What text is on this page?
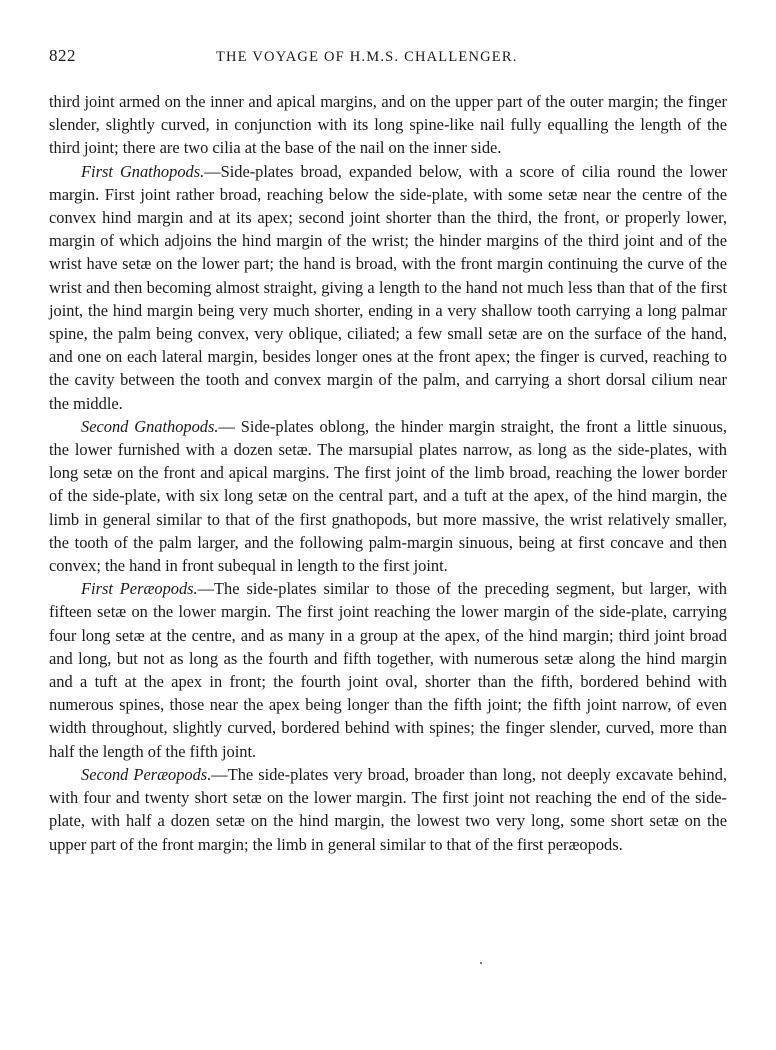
822	THE VOYAGE OF H.M.S. CHALLENGER.

third joint armed on the inner and apical margins, and on the upper part of the outer margin; the finger slender, slightly curved, in conjunction with its long spine-like nail fully equalling the length of the third joint; there are two cilia at the base of the nail on the inner side.

First Gnathopods.—Side-plates broad, expanded below, with a score of cilia round the lower margin. First joint rather broad, reaching below the side-plate, with some setæ near the centre of the convex hind margin and at its apex; second joint shorter than the third, the front, or properly lower, margin of which adjoins the hind margin of the wrist; the hinder margins of the third joint and of the wrist have setæ on the lower part; the hand is broad, with the front margin continuing the curve of the wrist and then becoming almost straight, giving a length to the hand not much less than that of the first joint, the hind margin being very much shorter, ending in a very shallow tooth carrying a long palmar spine, the palm being convex, very oblique, ciliated; a few small setæ are on the surface of the hand, and one on each lateral margin, besides longer ones at the front apex; the finger is curved, reaching to the cavity between the tooth and convex margin of the palm, and carrying a short dorsal cilium near the middle.

Second Gnathopods.— Side-plates oblong, the hinder margin straight, the front a little sinuous, the lower furnished with a dozen setæ. The marsupial plates narrow, as long as the side-plates, with long setæ on the front and apical margins. The first joint of the limb broad, reaching the lower border of the side-plate, with six long setæ on the central part, and a tuft at the apex, of the hind margin, the limb in general similar to that of the first gnathopods, but more massive, the wrist relatively smaller, the tooth of the palm larger, and the following palm-margin sinuous, being at first concave and then convex; the hand in front subequal in length to the first joint.

First Peræopods.—The side-plates similar to those of the preceding segment, but larger, with fifteen setæ on the lower margin. The first joint reaching the lower margin of the side-plate, carrying four long setæ at the centre, and as many in a group at the apex, of the hind margin; third joint broad and long, but not as long as the fourth and fifth together, with numerous setæ along the hind margin and a tuft at the apex in front; the fourth joint oval, shorter than the fifth, bordered behind with numerous spines, those near the apex being longer than the fifth joint; the fifth joint narrow, of even width throughout, slightly curved, bordered behind with spines; the finger slender, curved, more than half the length of the fifth joint.

Second Peræopods.—The side-plates very broad, broader than long, not deeply excavate behind, with four and twenty short setæ on the lower margin. The first joint not reaching the end of the side-plate, with half a dozen setæ on the hind margin, the lowest two very long, some short setæ on the upper part of the front margin; the limb in general similar to that of the first peræopods.
